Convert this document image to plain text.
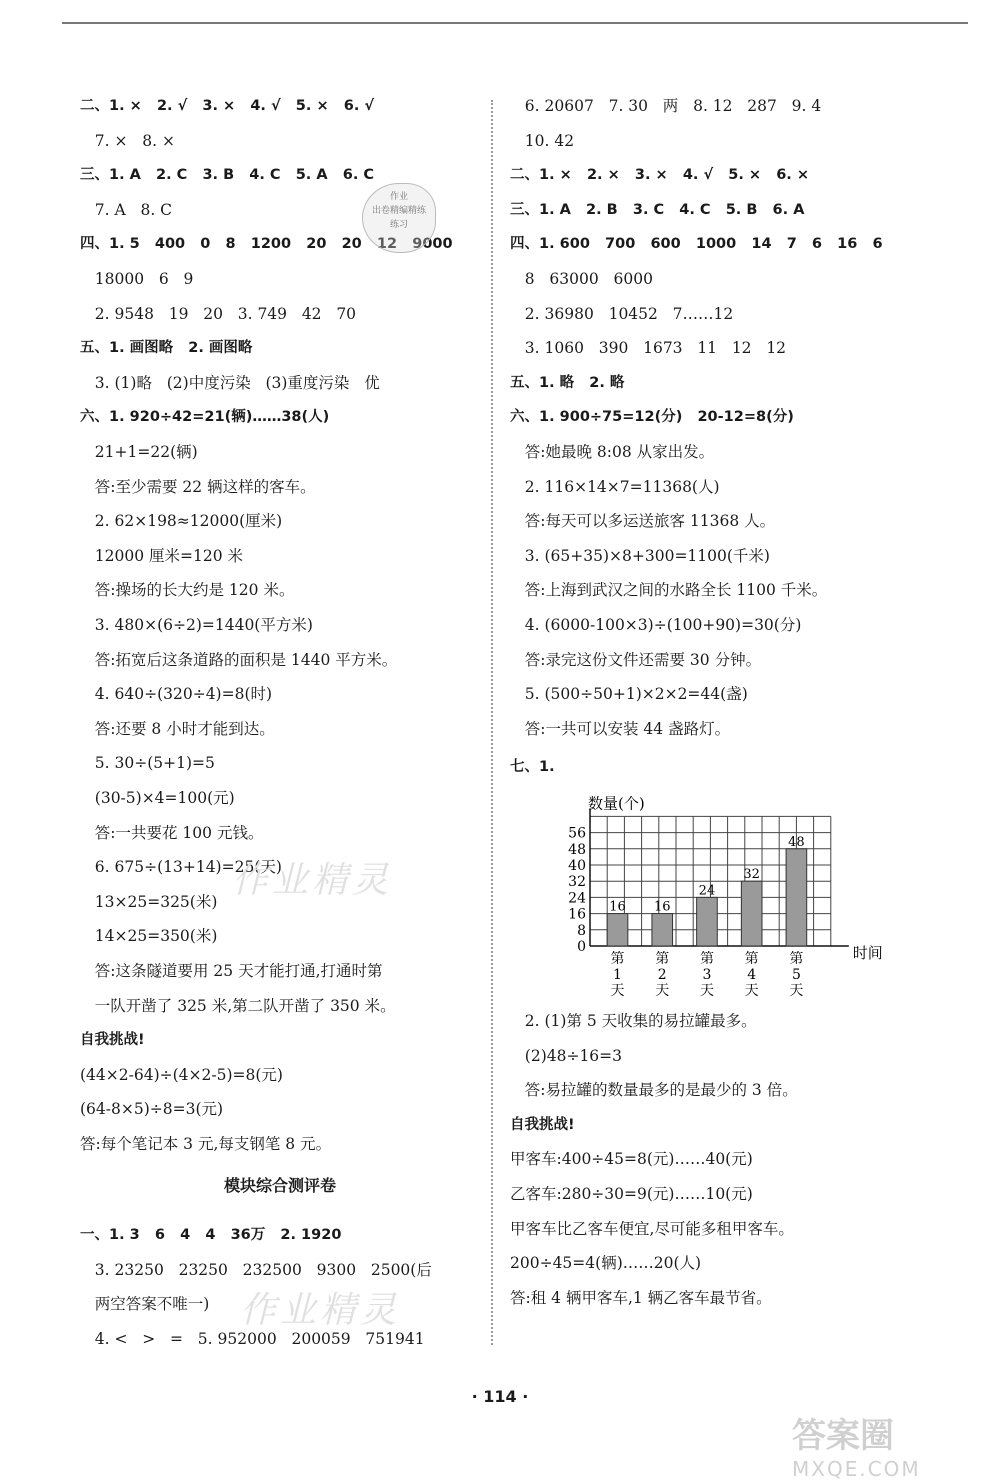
二、1. ×   2. √   3. ×   4. √   5. ×   6. √
7. ×   8. ×
三、1. A   2. C   3. B   4. C   5. A   6. C
7. A   8. C
四、1. 5   400   0   8   1200   20   20   12   9000
18000   6   9
2. 9548   19   20   3. 749   42   70
五、1. 画图略   2. 画图略
3. (1)略   (2)中度污染   (3)重度污染   优
六、1. 920÷42=21(辆)……38(人)
21+1=22(辆)
答:至少需要 22 辆这样的客车。
2. 62×198≈12000(厘米)
12000 厘米=120 米
答:操场的长大约是 120 米。
3. 480×(6÷2)=1440(平方米)
答:拓宽后这条道路的面积是 1440 平方米。
4. 640÷(320÷4)=8(时)
答:还要 8 小时才能到达。
5. 30÷(5+1)=5
(30-5)×4=100(元)
答:一共要花 100 元钱。
6. 675÷(13+14)=25(天)
13×25=325(米)
14×25=350(米)
答:这条隧道要用 25 天才能打通,打通时第
一队开凿了 325 米,第二队开凿了 350 米。
自我挑战!
(44×2-64)÷(4×2-5)=8(元)
(64-8×5)÷8=3(元)
答:每个笔记本 3 元,每支钢笔 8 元。
模块综合测评卷
一、1. 3   6   4   4   36万   2. 1920
3. 23250   23250   232500   9300   2500(后
两空答案不唯一)
4. <   >   =   5. 952000   200059   751941
6. 20607   7. 30   两   8. 12   287   9. 4
10. 42
二、1. ×   2. ×   3. ×   4. √   5. ×   6. ×
三、1. A   2. B   3. C   4. C   5. B   6. A
四、1. 600   700   600   1000   14   7   6   16   6
8   63000   6000
2. 36980   10452   7……12
3. 1060   390   1673   11   12   12
五、1. 略   2. 略
六、1. 900÷75=12(分)   20-12=8(分)
答:她最晚 8:08 从家出发。
2. 116×14×7=11368(人)
答:每天可以多运送旅客 11368 人。
3. (65+35)×8+300=1100(千米)
答:上海到武汉之间的水路全长 1100 千米。
4. (6000-100×3)÷(100+90)=30(分)
答:录完这份文件还需要 30 分钟。
5. (500÷50+1)×2×2=44(盏)
答:一共可以安装 44 盏路灯。
七、1.
2. (1)第 5 天收集的易拉罐最多。
(2)48÷16=3
答:易拉罐的数量最多的是最少的 3 倍。
自我挑战!
甲客车:400÷45=8(元)……40(元)
乙客车:280÷30=9(元)……10(元)
甲客车比乙客车便宜,尽可能多租甲客车。
200÷45=4(辆)……20(人)
答:租 4 辆甲客车,1 辆乙客车最节省。
作业
出卷精编精练
练习
作业精灵
作业精灵
0
8
16
24
32
40
48
56
数量(个)
时间
16
第
1
天
16
第
2
天
24
第
3
天
32
第
4
天
48
第
5
天
· 114 ·
答案圈
MXQE.COM
